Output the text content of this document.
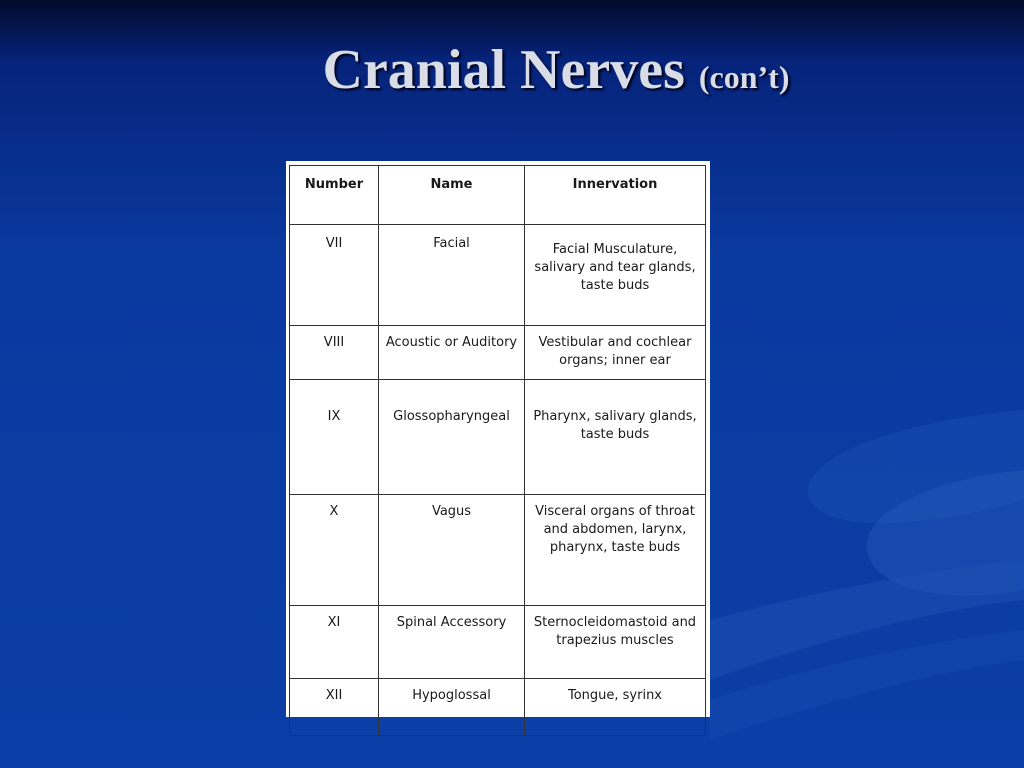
Cranial Nerves (con’t)
Number	Name	Innervation
VII	Facial	Facial Musculature, salivary and tear glands, taste buds
VIII	Acoustic or Auditory	Vestibular and cochlear organs; inner ear
IX	Glossopharyngeal	Pharynx, salivary glands, taste buds
X	Vagus	Visceral organs of throat and abdomen, larynx, pharynx, taste buds
XI	Spinal Accessory	Sternocleidomastoid and trapezius muscles
XII	Hypoglossal	Tongue, syrinx
